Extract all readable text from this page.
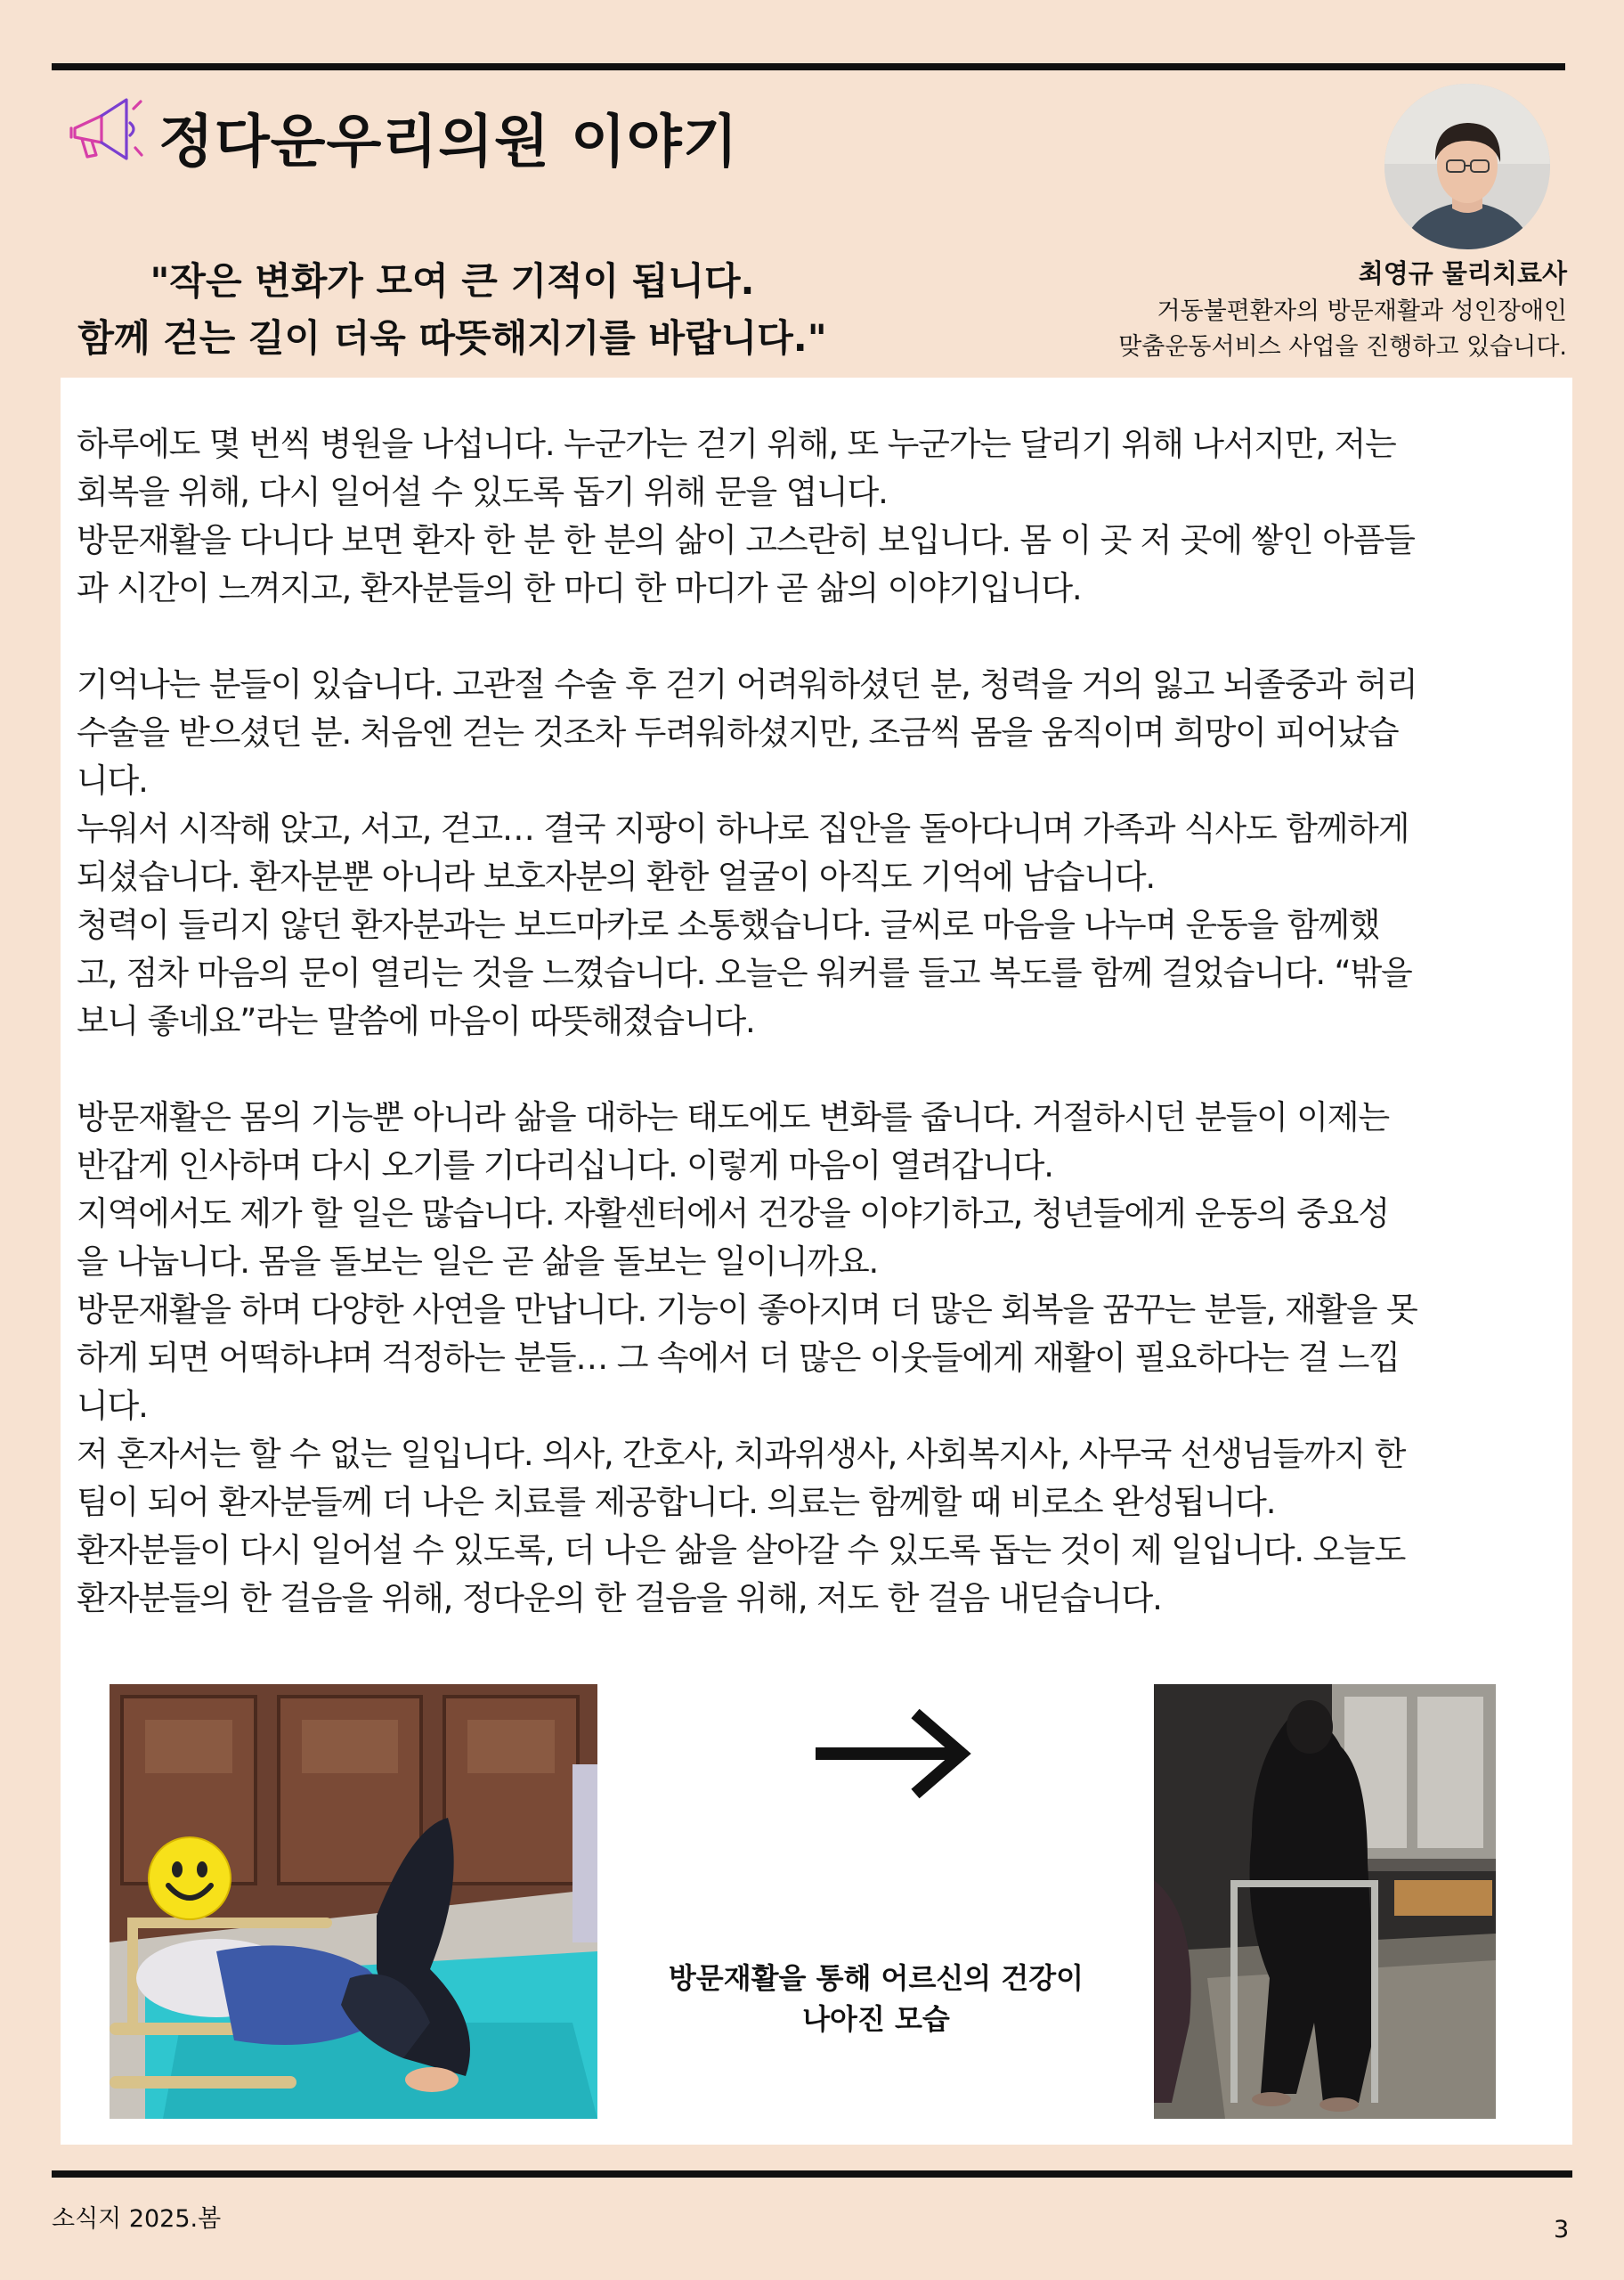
정다운우리의원 이야기
"작은 변화가 모여 큰 기적이 됩니다.
함께 걷는 길이 더욱 따뜻해지기를 바랍니다."
최영규 물리치료사
거동불편환자의 방문재활과 성인장애인
맞춤운동서비스 사업을 진행하고 있습니다.
하루에도 몇 번씩 병원을 나섭니다. 누군가는 걷기 위해, 또 누군가는 달리기 위해 나서지만, 저는
회복을 위해, 다시 일어설 수 있도록 돕기 위해 문을 엽니다.
방문재활을 다니다 보면 환자 한 분 한 분의 삶이 고스란히 보입니다. 몸 이 곳 저 곳에 쌓인 아픔들
과 시간이 느껴지고, 환자분들의 한 마디 한 마디가 곧 삶의 이야기입니다.
기억나는 분들이 있습니다. 고관절 수술 후 걷기 어려워하셨던 분, 청력을 거의 잃고 뇌졸중과 허리
수술을 받으셨던 분. 처음엔 걷는 것조차 두려워하셨지만, 조금씩 몸을 움직이며 희망이 피어났습
니다.
누워서 시작해 앉고, 서고, 걷고… 결국 지팡이 하나로 집안을 돌아다니며 가족과 식사도 함께하게
되셨습니다. 환자분뿐 아니라 보호자분의 환한 얼굴이 아직도 기억에 남습니다.
청력이 들리지 않던 환자분과는 보드마카로 소통했습니다. 글씨로 마음을 나누며 운동을 함께했
고, 점차 마음의 문이 열리는 것을 느꼈습니다. 오늘은 워커를 들고 복도를 함께 걸었습니다. “밖을
보니 좋네요”라는 말씀에 마음이 따뜻해졌습니다.
방문재활은 몸의 기능뿐 아니라 삶을 대하는 태도에도 변화를 줍니다. 거절하시던 분들이 이제는
반갑게 인사하며 다시 오기를 기다리십니다. 이렇게 마음이 열려갑니다.
지역에서도 제가 할 일은 많습니다. 자활센터에서 건강을 이야기하고, 청년들에게 운동의 중요성
을 나눕니다. 몸을 돌보는 일은 곧 삶을 돌보는 일이니까요.
방문재활을 하며 다양한 사연을 만납니다. 기능이 좋아지며 더 많은 회복을 꿈꾸는 분들, 재활을 못
하게 되면 어떡하냐며 걱정하는 분들… 그 속에서 더 많은 이웃들에게 재활이 필요하다는 걸 느낍
니다.
저 혼자서는 할 수 없는 일입니다. 의사, 간호사, 치과위생사, 사회복지사, 사무국 선생님들까지 한
팀이 되어 환자분들께 더 나은 치료를 제공합니다. 의료는 함께할 때 비로소 완성됩니다.
환자분들이 다시 일어설 수 있도록, 더 나은 삶을 살아갈 수 있도록 돕는 것이 제 일입니다. 오늘도
환자분들의 한 걸음을 위해, 정다운의 한 걸음을 위해, 저도 한 걸음 내딛습니다.
방문재활을 통해 어르신의 건강이
나아진 모습
소식지 2025.봄	3
